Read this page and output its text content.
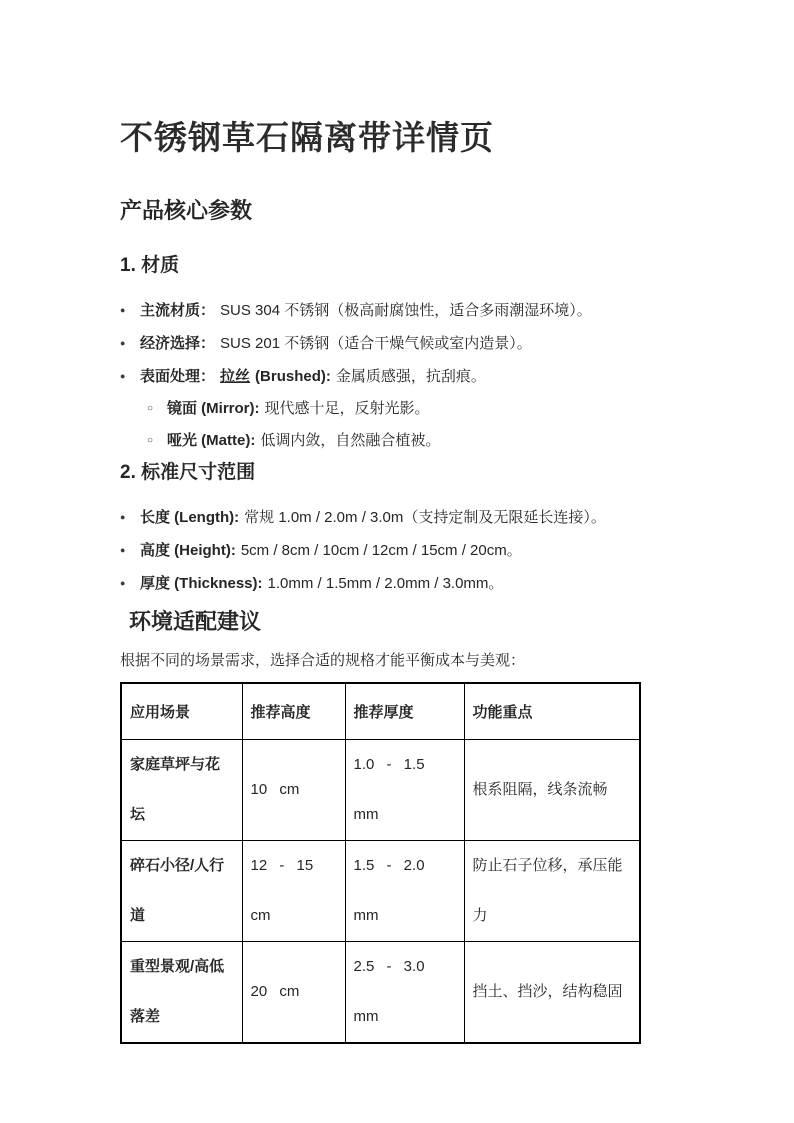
不锈钢草石隔离带详情页
产品核心参数
1. 材质
● 主流材质： SUS 304 不锈钢（极高耐腐蚀性，适合多雨潮湿环境）。
● 经济选择： SUS 201 不锈钢（适合干燥气候或室内造景）。
● 表面处理： 拉丝 (Brushed): 金属质感强，抗刮痕。
○ 镜面 (Mirror): 现代感十足，反射光影。
○ 哑光 (Matte): 低调内敛，自然融合植被。
2. 标准尺寸范围
● 长度 (Length): 常规 1.0m / 2.0m / 3.0m（支持定制及无限延长连接）。
● 高度 (Height): 5cm / 8cm / 10cm / 12cm / 15cm / 20cm。
● 厚度 (Thickness): 1.0mm / 1.5mm / 2.0mm / 3.0mm。
环境适配建议

根据不同的场景需求，选择合适的规格才能平衡成本与美观：

应用场景	推荐高度	推荐厚度	功能重点
家庭草坪与花坛	10 cm	1.0 - 1.5 mm	根系阻隔，线条流畅
碎石小径/人行道	12 - 15 cm	1.5 - 2.0 mm	防止石子位移，承压能力
重型景观/高低落差	20 cm	2.5 - 3.0 mm	挡土、挡沙，结构稳固
